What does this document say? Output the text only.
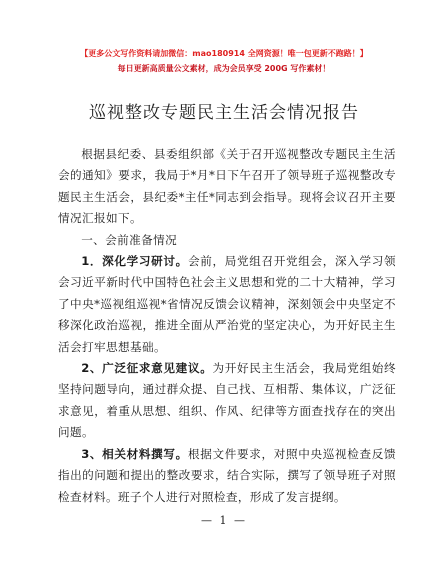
【更多公文写作资料请加微信：mao180914 全网资源！唯一包更新不跑路！】
每日更新高质量公文素材，成为会员享受 200G 写作素材！
巡视整改专题民主生活会情况报告

根据县纪委、县委组织部《关于召开巡视整改专题民主生活会的通知》要求，我局于*月*日下午召开了领导班子巡视整改专题民主生活会，县纪委*主任*同志到会指导。现将会议召开主要情况汇报如下。

一、会前准备情况

1．深化学习研讨。会前，局党组召开党组会，深入学习领会习近平新时代中国特色社会主义思想和党的二十大精神，学习了中央*巡视组巡视*省情况反馈会议精神，深刻领会中央坚定不移深化政治巡视，推进全面从严治党的坚定决心，为开好民主生活会打牢思想基础。

2、广泛征求意见建议。为开好民主生活会，我局党组始终坚持问题导向，通过群众提、自己找、互相帮、集体议，广泛征求意见，着重从思想、组织、作风、纪律等方面查找存在的突出问题。

3、相关材料撰写。根据文件要求，对照中央巡视检查反馈指出的问题和提出的整改要求，结合实际，撰写了领导班子对照检查材料。班子个人进行对照检查，形成了发言提纲。

— 1 —
